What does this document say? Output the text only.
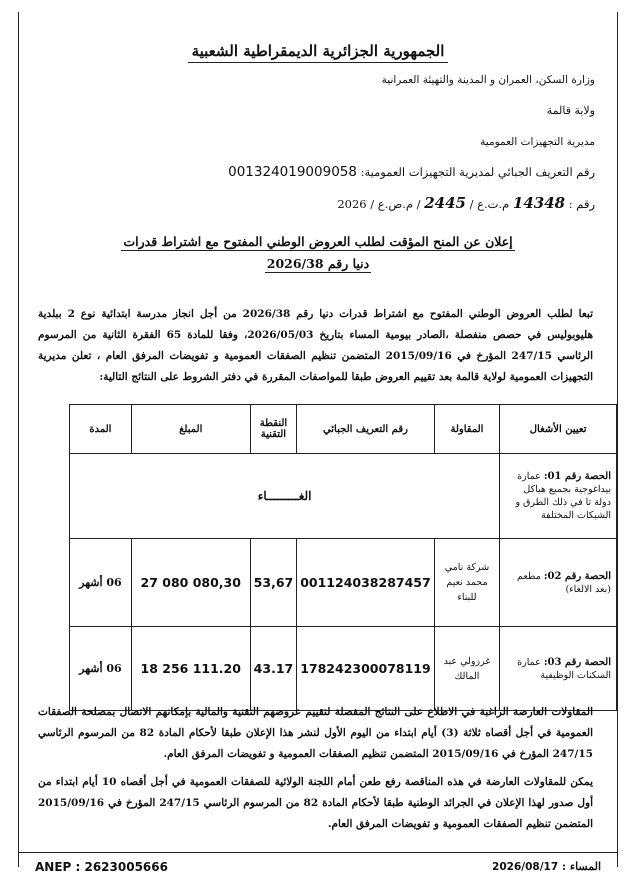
الجمهورية الجزائرية الديمقراطية الشعبية
وزارة السكن، العمران و المدينة والتهيئة العمرانية
ولاية قالمة
مديرية التجهيزات العمومية
رقم التعريف الجبائي لمديرية التجهيزات العمومية: 001324019009058
رقم : 14348 م.ت.ع / 2445 / م.ص.ع / 2026
إعلان عن المنح المؤقت لطلب العروض الوطني المفتوح مع اشتراط قدرات
دنيا رقم 2026/38
تبعا لطلب العروض الوطني المفتوح مع اشتراط قدرات دنيا رقم 2026/38 من أجل انجاز مدرسة ابتدائية نوع 2 ببلدية هليوبوليس في حصص منفصلة ،الصادر بيومية المساء بتاريخ 2026/05/03، وفقا للمادة 65 الفقرة الثانية من المرسوم الرئاسي 247/15 المؤرخ في 2015/09/16 المتضمن تنظيم الصفقات العمومية و تفويضات المرفق العام ، تعلن مديرية التجهيزات العمومية لولاية قالمة بعد تقييم العروض طبقا للمواصفات المقررة في دفتر الشروط على النتائج التالية:
تعيين الأشغال	المقاولة	رقم التعريف الجبائي	النقطة التقنية	المبلغ	المدة
الحصة رقم 01: عمارة بيداغوجية بجميع هياكل دولة تا في ذلك الطرق و الشبكات المختلفة	الغـــــــــاء				
الحصة رقم 02: مطعم (بعد الالغاء)	شركة نامي محمد نعيم للبناء	001124038287457	53,67	27 080 080,30	06 أشهر
الحصة رقم 03: عمارة السكنات الوظيفية	غرزولي عبد المالك	178242300078119	43.17	18 256 111.20	06 أشهر
المقاولات العارضة الراغبة في الاطلاع على النتائج المفصلة لتقييم عروضهم التقنية والمالية بإمكانهم الاتصال بمصلحة الصفقات العمومية في أجل أقصاه ثلاثة (3) أيام ابتداء من اليوم الأول لنشر هذا الإعلان طبقا لأحكام المادة 82 من المرسوم الرئاسي 247/15 المؤرخ في 2015/09/16 المتضمن تنظيم الصفقات العمومية و تفويضات المرفق العام.
يمكن للمقاولات العارضة في هذه المناقصة رفع طعن أمام اللجنة الولائية للصفقات العمومية في أجل أقصاه 10 أيام ابتداء من أول صدور لهذا الإعلان في الجرائد الوطنية طبقا لأحكام المادة 82 من المرسوم الرئاسي 247/15 المؤرخ في 2015/09/16 المتضمن تنظيم الصفقات العمومية و تفويضات المرفق العام.
ANEP : 2623005666	2026/08/17 : المساء
